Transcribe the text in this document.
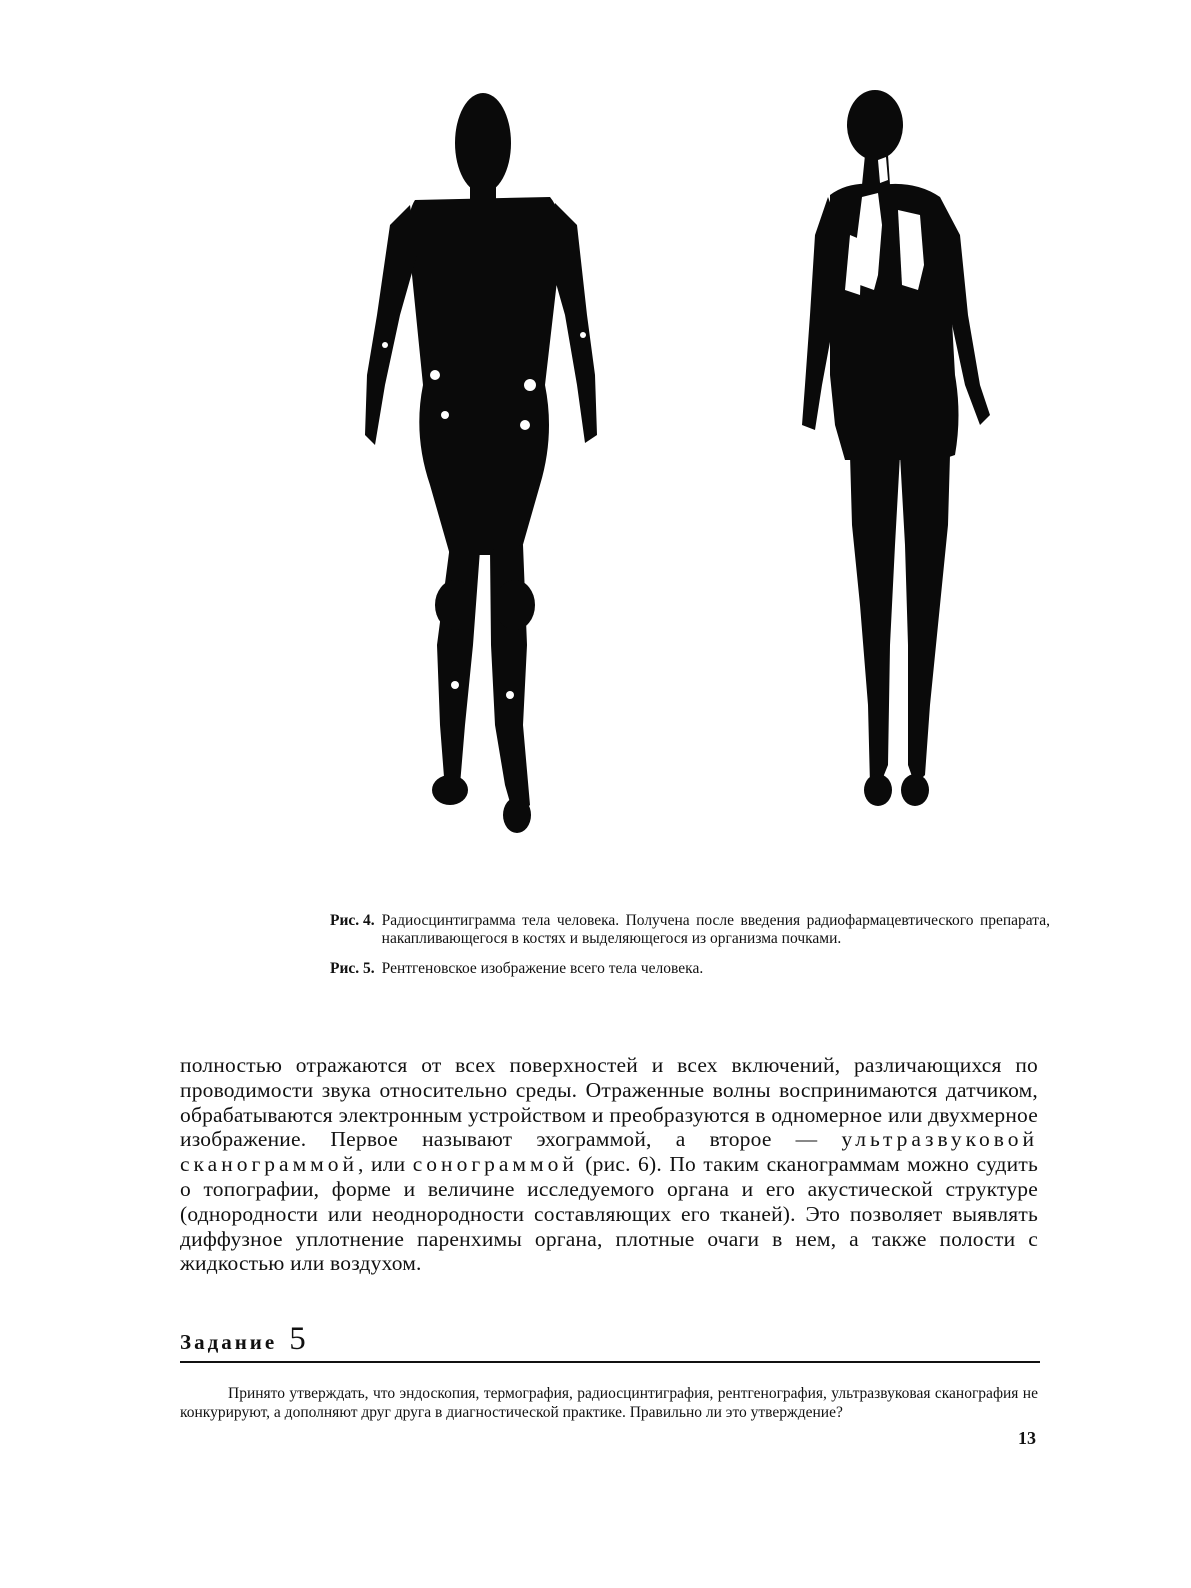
Рис. 4. Радиосцинтиграмма тела человека. Получена после введения радиофармацевтического препарата, накапливающегося в костях и выделяющегося из организма почками.
Рис. 5. Рентгеновское изображение всего тела человека.

полностью отражаются от всех поверхностей и всех включений, различающихся по проводимости звука относительно среды. Отраженные волны воспринимаются датчиком, обрабатываются электронным устройством и преобразуются в одномерное или двухмерное изображение. Первое называют эхограммой, а второе — ультразвуковой сканограммой, или сонограммой (рис. 6). По таким сканограммам можно судить о топографии, форме и величине исследуемого органа и его акустической структуре (однородности или неоднородности составляющих его тканей). Это позволяет выявлять диффузное уплотнение паренхимы органа, плотные очаги в нем, а также полости с жидкостью или воздухом.

Задание 5

Принято утверждать, что эндоскопия, термография, радиосцинтиграфия, рентгенография, ультразвуковая сканография не конкурируют, а дополняют друг друга в диагностической практике. Правильно ли это утверждение?

13
